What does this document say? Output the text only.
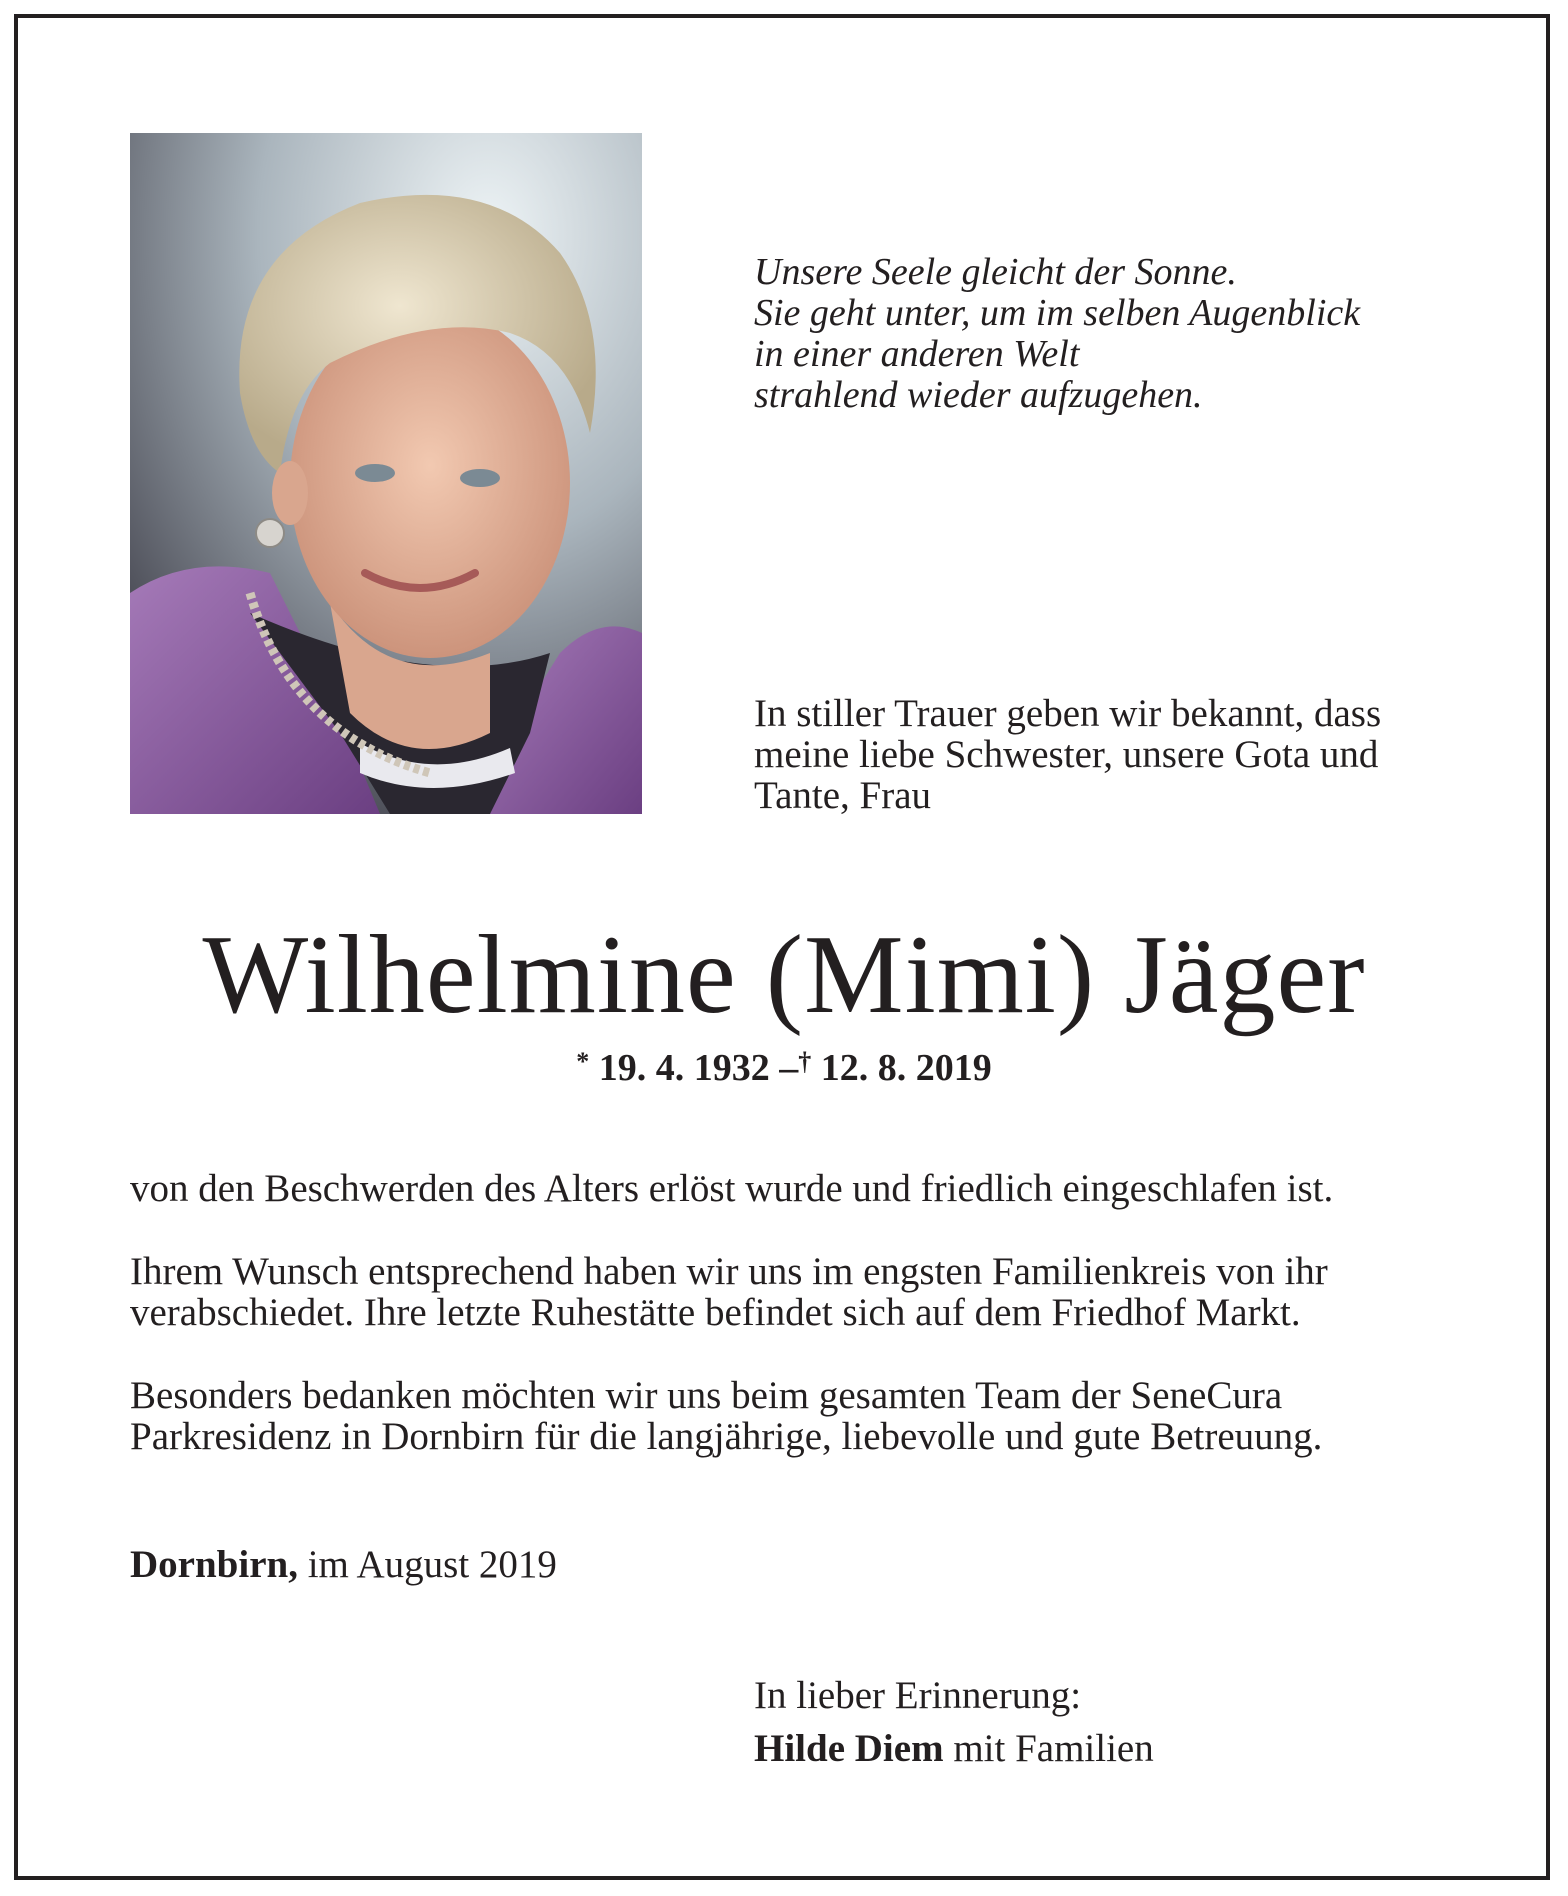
Unsere Seele gleicht der Sonne.
Sie geht unter, um im selben Augenblick
in einer anderen Welt
strahlend wieder aufzugehen.
In stiller Trauer geben wir bekannt, dass
meine liebe Schwester, unsere Gota und
Tante, Frau
Wilhelmine (Mimi) Jäger
* 19. 4. 1932 –† 12. 8. 2019
von den Beschwerden des Alters erlöst wurde und friedlich eingeschlafen ist.
Ihrem Wunsch entsprechend haben wir uns im engsten Familienkreis von ihr
verabschiedet. Ihre letzte Ruhestätte befindet sich auf dem Friedhof Markt.
Besonders bedanken möchten wir uns beim gesamten Team der SeneCura
Parkresidenz in Dornbirn für die langjährige, liebevolle und gute Betreuung.
Dornbirn, im August 2019
In lieber Erinnerung:
Hilde Diem mit Familien
